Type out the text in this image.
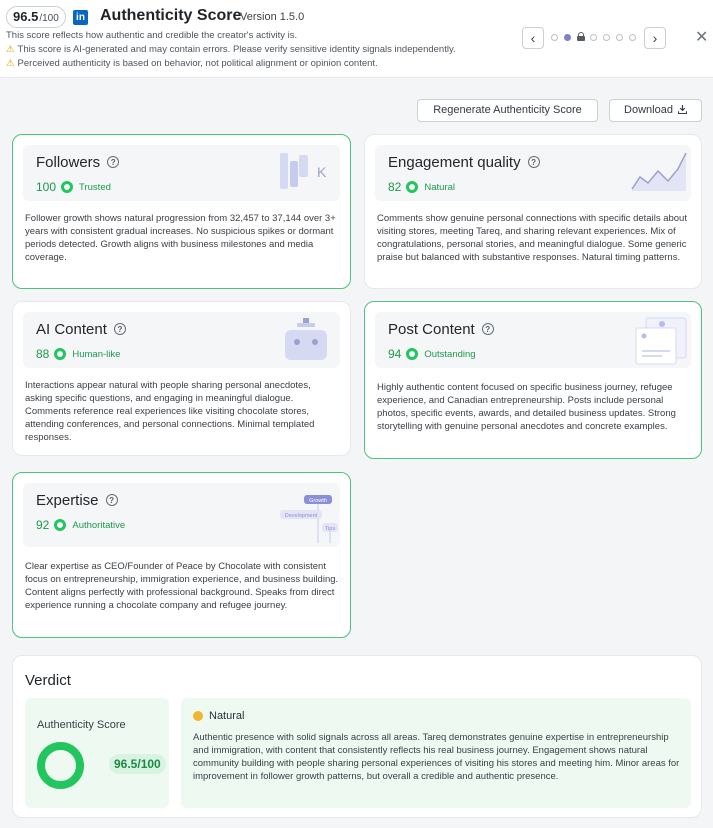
96.5 /100	in Authenticity Score
Version 1.5.0
This score reflects how authentic and credible the creator's activity is.
⚠ This score is AI-generated and may contain errors. Please verify sensitive identity signals independently.
⚠ Perceived authenticity is based on behavior, not political alignment or opinion content.
‹	›	✕
Regenerate Authenticity Score	Download
Followers ?
100 Trusted
K
Follower growth shows natural progression from 32,457 to 37,144 over 3+ years with consistent gradual increases. No suspicious spikes or dormant periods detected. Growth aligns with business milestones and media coverage.
Engagement quality ?
82 Natural
Comments show genuine personal connections with specific details about visiting stores, meeting Tareq, and sharing relevant experiences. Mix of congratulations, personal stories, and meaningful dialogue. Some generic praise but balanced with substantive responses. Natural timing patterns.
AI Content ?
88 Human-like
Interactions appear natural with people sharing personal anecdotes, asking specific questions, and engaging in meaningful dialogue. Comments reference real experiences like visiting chocolate stores, attending conferences, and personal connections. Minimal templated responses.
Post Content ?
94 Outstanding
Highly authentic content focused on specific business journey, refugee experience, and Canadian entrepreneurship. Posts include personal photos, specific events, awards, and detailed business updates. Strong storytelling with genuine personal anecdotes and concrete examples.
Expertise ?
92 Authoritative
Growth
Development
Tips
Clear expertise as CEO/Founder of Peace by Chocolate with consistent focus on entrepreneurship, immigration experience, and business building. Content aligns perfectly with professional background. Speaks from direct experience running a chocolate company and refugee journey.
Verdict
Authenticity Score
96.5/100
Natural
Authentic presence with solid signals across all areas. Tareq demonstrates genuine expertise in entrepreneurship and immigration, with content that consistently reflects his real business journey. Engagement shows natural community building with people sharing personal experiences of visiting his stores and meeting him. Minor areas for improvement in follower growth patterns, but overall a credible and authentic presence.
